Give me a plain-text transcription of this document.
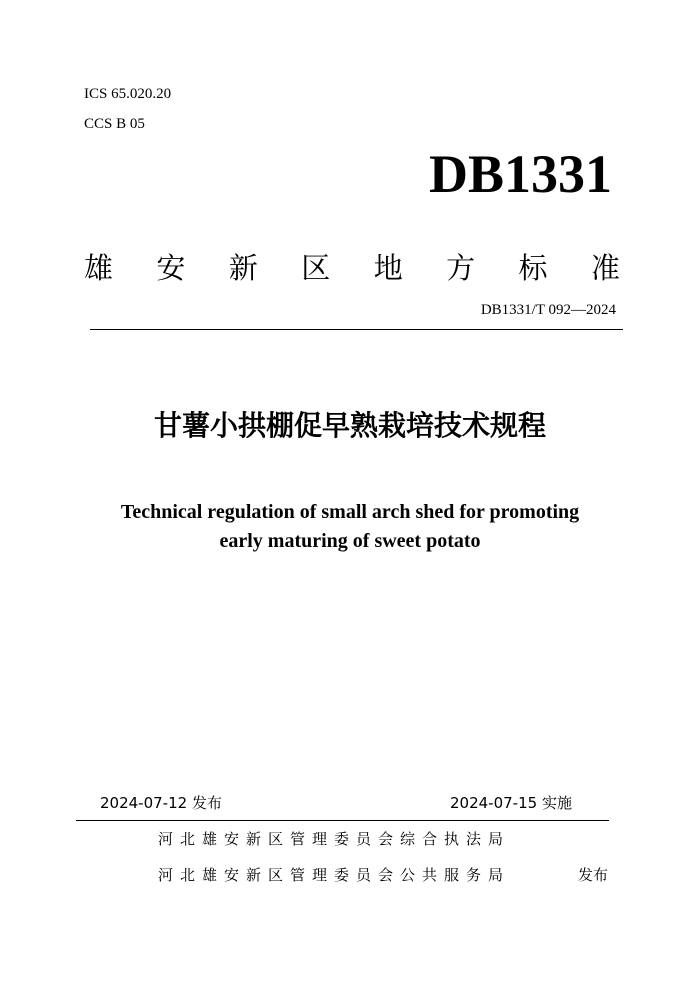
ICS 65.020.20
CCS B 05
DB1331
雄 安 新 区 地 方 标 准
DB1331/T 092—2024
甘薯小拱棚促早熟栽培技术规程
Technical regulation of small arch shed for promoting
early maturing of sweet potato
2024-07-12 发布	2024-07-15 实施
河北雄安新区管理委员会综合执法局
河北雄安新区管理委员会公共服务局	发布
